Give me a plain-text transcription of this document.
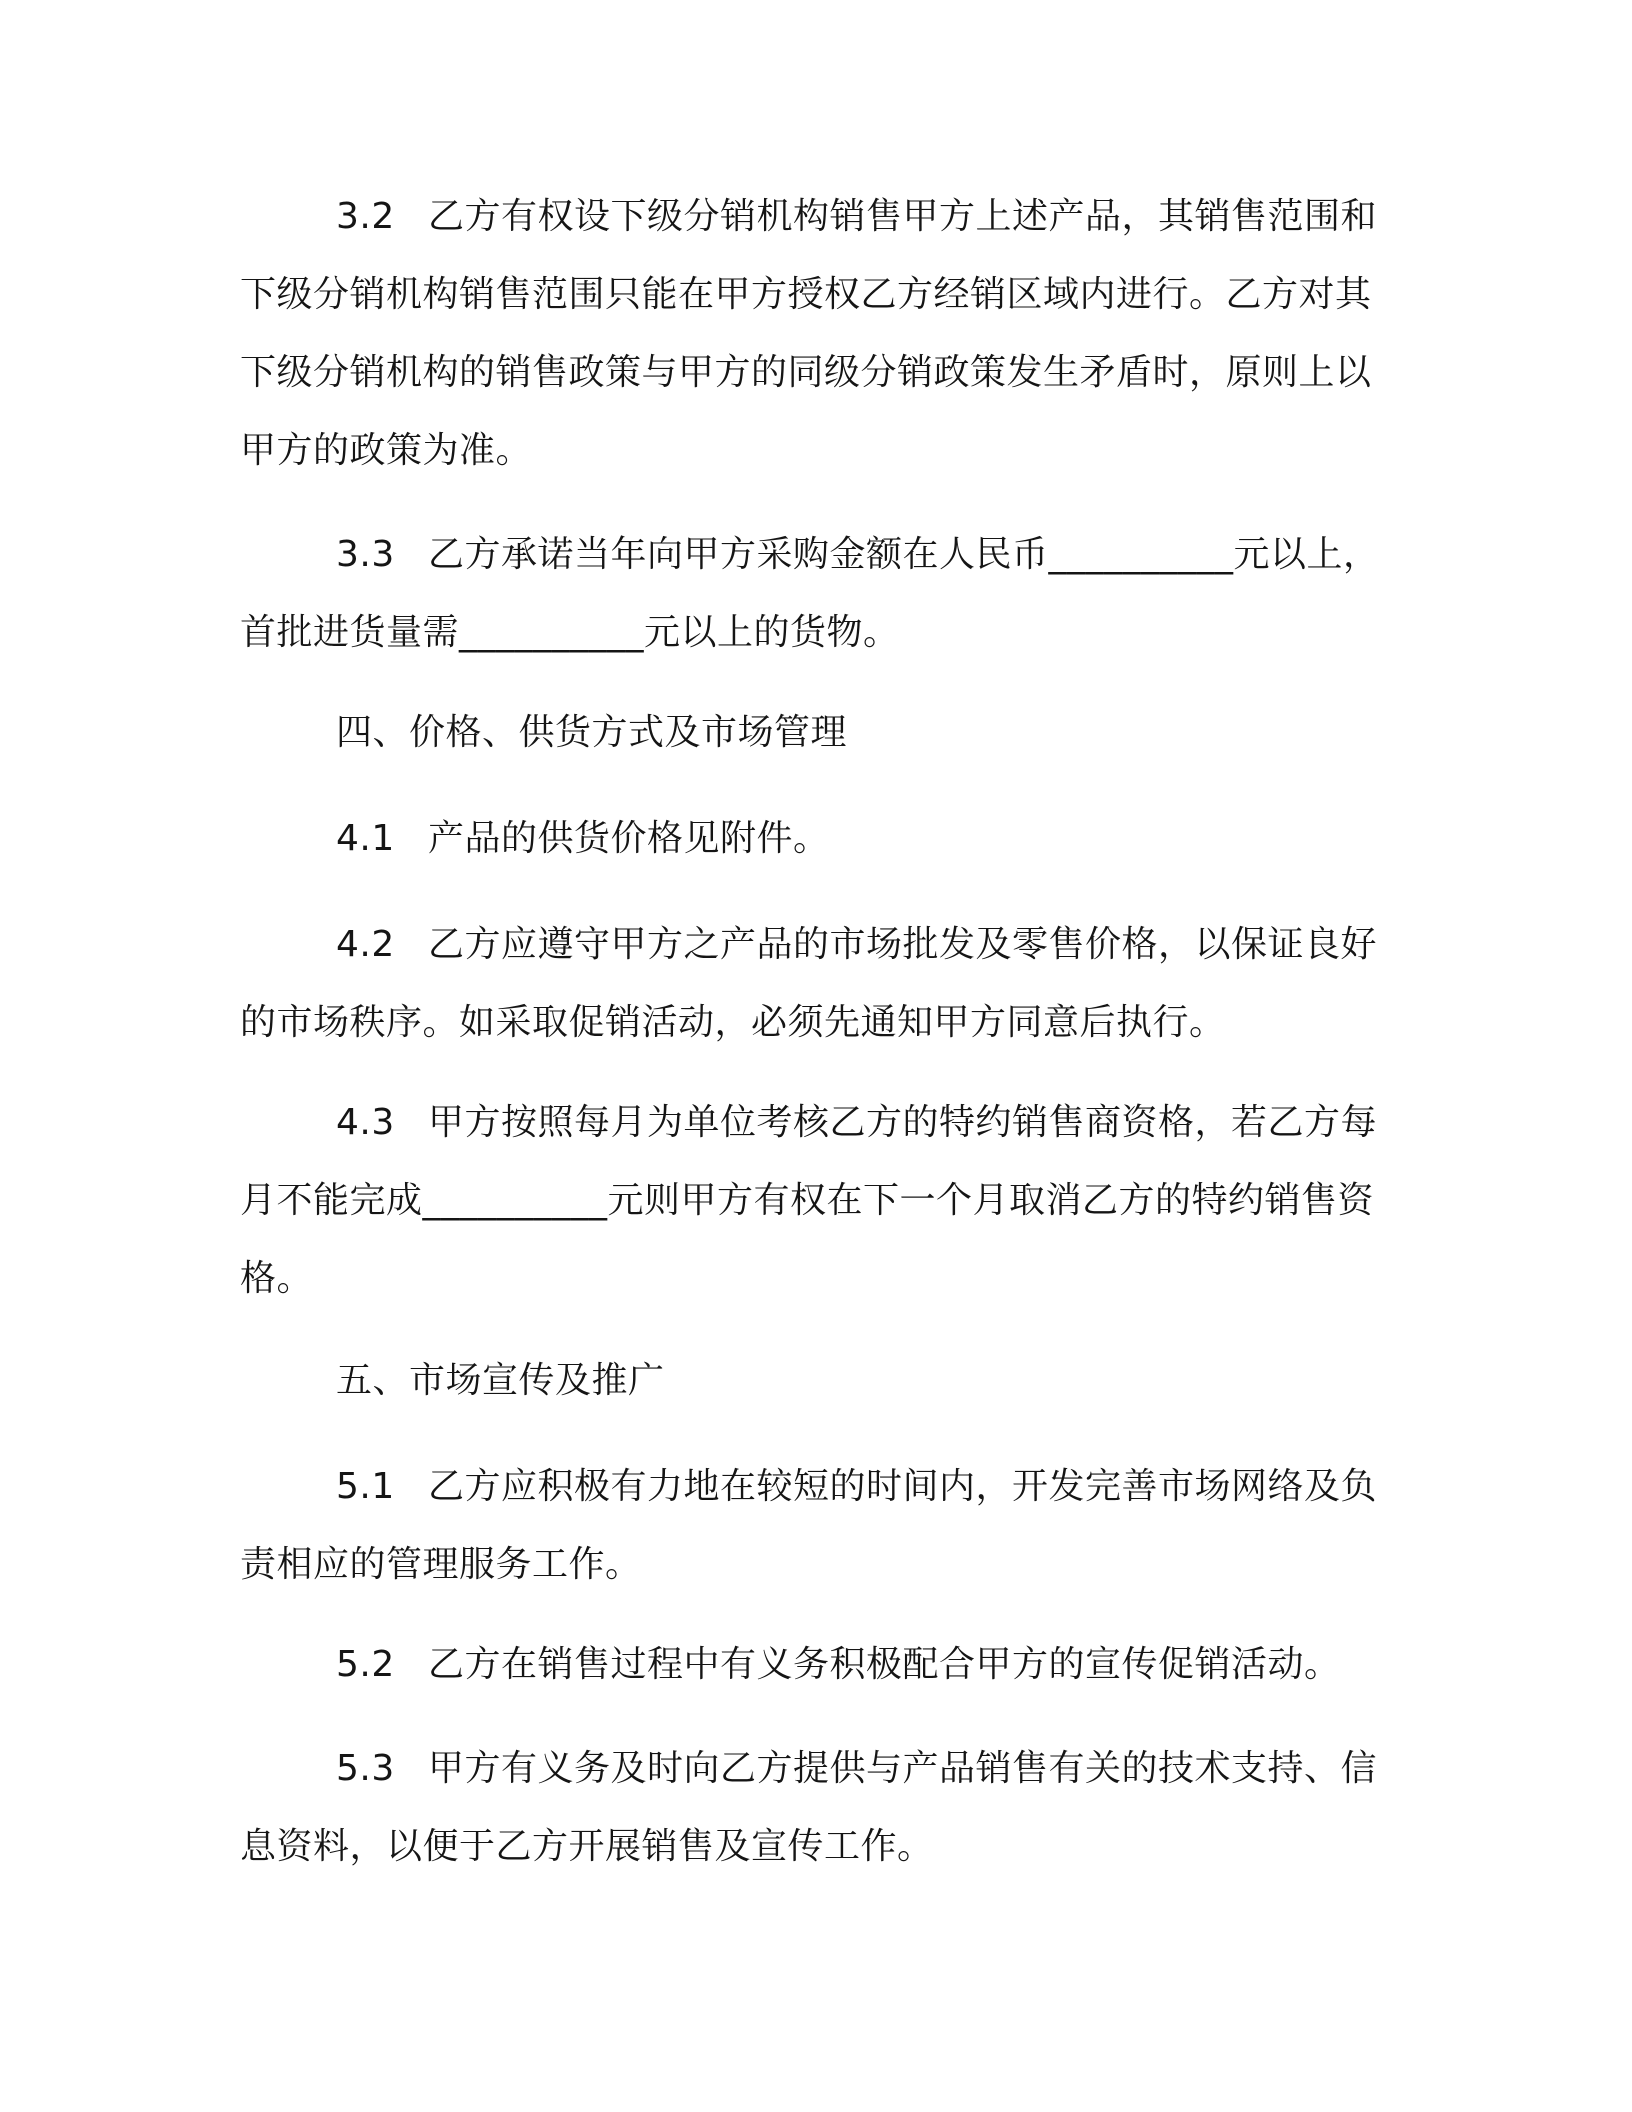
3.2 乙方有权设下级分销机构销售甲方上述产品，其销售范围和下级分销机构销售范围只能在甲方授权乙方经销区域内进行。乙方对其下级分销机构的销售政策与甲方的同级分销政策发生矛盾时，原则上以甲方的政策为准。

3.3 乙方承诺当年向甲方采购金额在人民币__________元以上，首批进货量需__________元以上的货物。

四、价格、供货方式及市场管理

4.1 产品的供货价格见附件。

4.2 乙方应遵守甲方之产品的市场批发及零售价格，以保证良好的市场秩序。如采取促销活动，必须先通知甲方同意后执行。

4.3 甲方按照每月为单位考核乙方的特约销售商资格，若乙方每月不能完成__________元则甲方有权在下一个月取消乙方的特约销售资格。

五、市场宣传及推广

5.1 乙方应积极有力地在较短的时间内，开发完善市场网络及负责相应的管理服务工作。

5.2 乙方在销售过程中有义务积极配合甲方的宣传促销活动。

5.3 甲方有义务及时向乙方提供与产品销售有关的技术支持、信息资料，以便于乙方开展销售及宣传工作。
